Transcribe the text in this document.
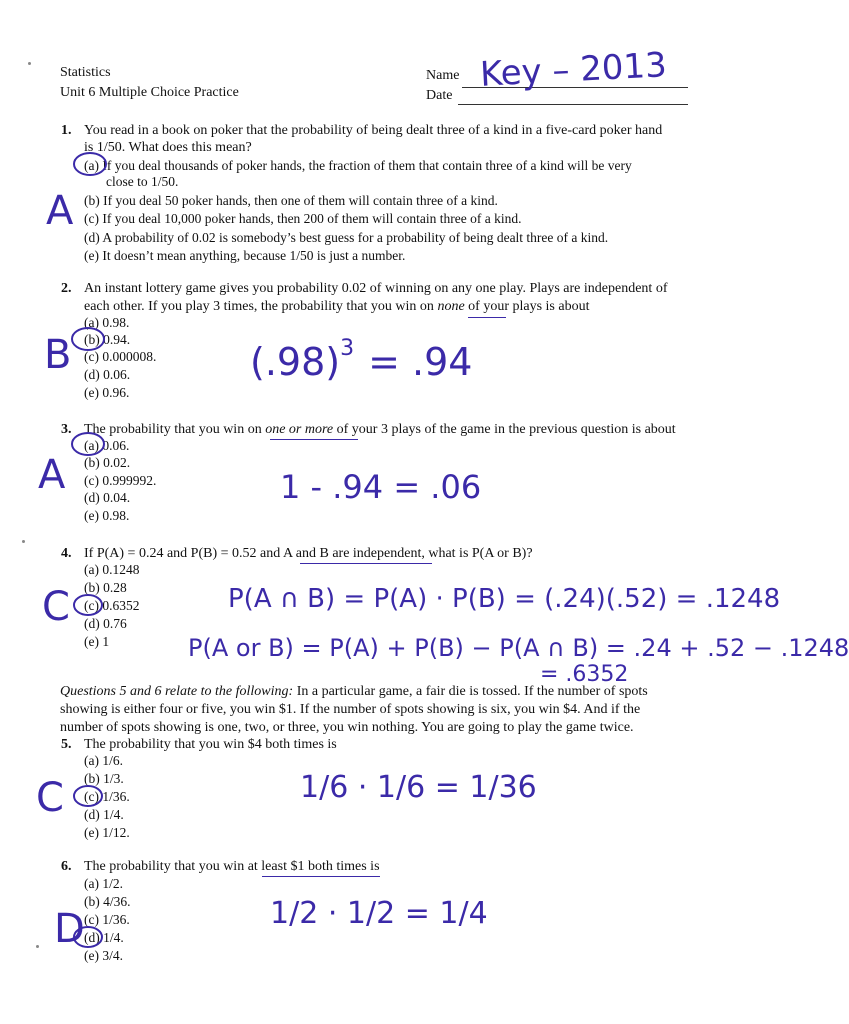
Statistics
Unit 6 Multiple Choice Practice
Name
Date
Key – 2013
1. You read in a book on poker that the probability of being dealt three of a kind in a five-card poker hand
is 1/50. What does this mean?
(a) If you deal thousands of poker hands, the fraction of them that contain three of a kind will be very
close to 1/50.
(b) If you deal 50 poker hands, then one of them will contain three of a kind.
(c) If you deal 10,000 poker hands, then 200 of them will contain three of a kind.
(d) A probability of 0.02 is somebody’s best guess for a probability of being dealt three of a kind.
(e) It doesn’t mean anything, because 1/50 is just a number.
A
2. An instant lottery game gives you probability 0.02 of winning on any one play. Plays are independent of
each other. If you play 3 times, the probability that you win on none of your plays is about
(a) 0.98.
(b) 0.94.
(c) 0.000008.
(d) 0.06.
(e) 0.96.
B	$(.98)^3 = .94$
3. The probability that you win on one or more of your 3 plays of the game in the previous question is about
(a) 0.06.
(b) 0.02.
(c) 0.999992.
(d) 0.04.
(e) 0.98.
A	1 - .94 = .06
4. If P(A) = 0.24 and P(B) = 0.52 and A and B are independent, what is P(A or B)?
(a) 0.1248
(b) 0.28
(c) 0.6352
(d) 0.76
(e) 1
C	P(A ∩ B) = P(A) · P(B) = (.24)(.52) = .1248
P(A or B) = P(A) + P(B) − P(A ∩ B) = .24 + .52 − .1248
= .6352
Questions 5 and 6 relate to the following: In a particular game, a fair die is tossed. If the number of spots
showing is either four or five, you win $1. If the number of spots showing is six, you win $4. And if the
number of spots showing is one, two, or three, you win nothing. You are going to play the game twice.
5. The probability that you win $4 both times is
(a) 1/6.
(b) 1/3.
(c) 1/36.
(d) 1/4.
(e) 1/12.
C	1/6 · 1/6 = 1/36
6. The probability that you win at least $1 both times is
(a) 1/2.
(b) 4/36.
(c) 1/36.
(d) 1/4.
(e) 3/4.
D	1/2 · 1/2 = 1/4
